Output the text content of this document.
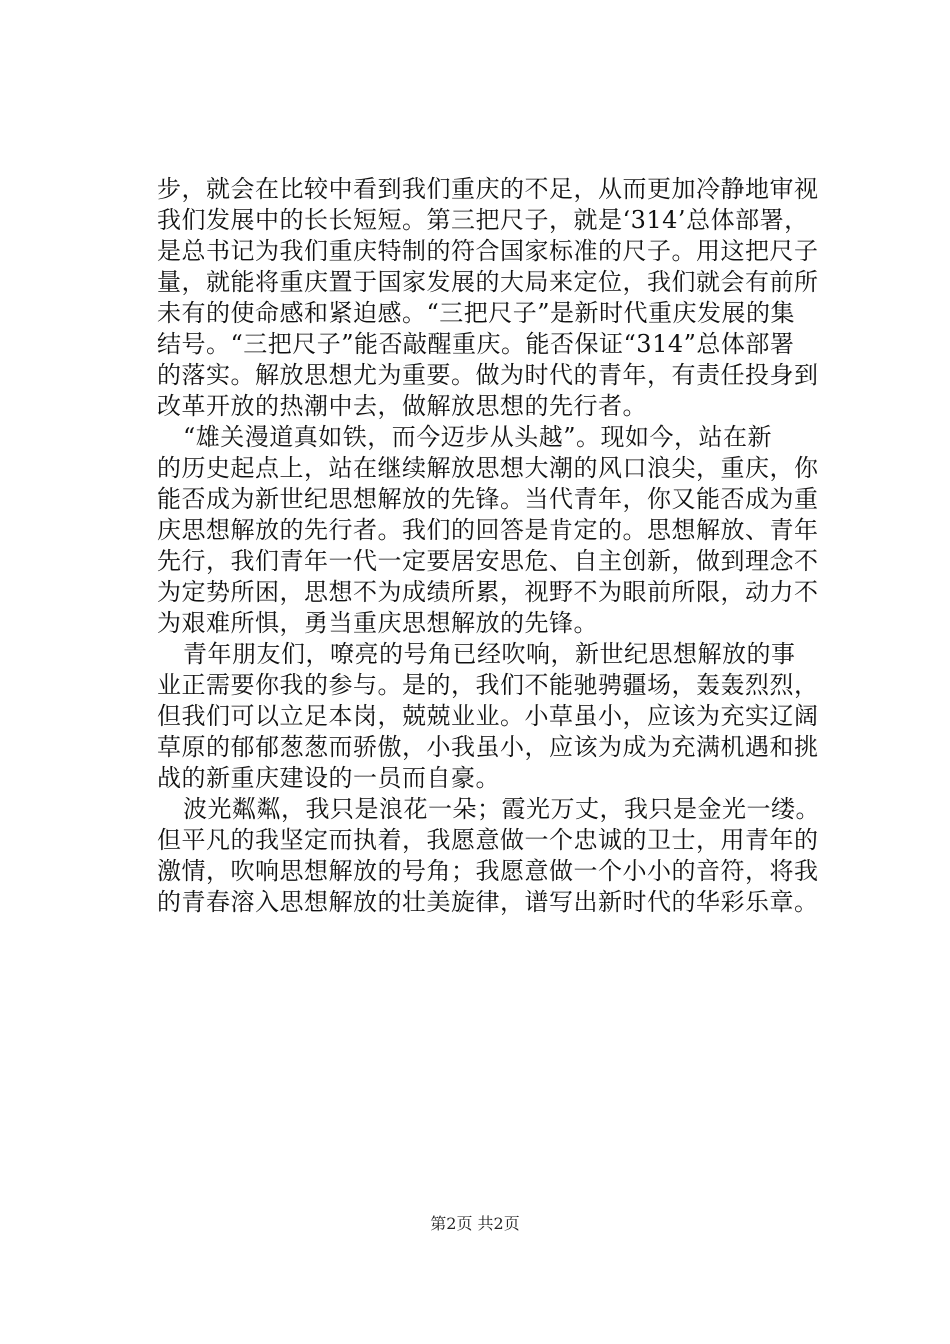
步，就会在比较中看到我们重庆的不足，从而更加冷静地审视
我们发展中的长长短短。第三把尺子，就是‘314’总体部署，
是总书记为我们重庆特制的符合国家标准的尺子。用这把尺子
量，就能将重庆置于国家发展的大局来定位，我们就会有前所
未有的使命感和紧迫感。“三把尺子”是新时代重庆发展的集
结号。“三把尺子”能否敲醒重庆。能否保证“314”总体部署
的落实。解放思想尤为重要。做为时代的青年，有责任投身到
改革开放的热潮中去，做解放思想的先行者。
“雄关漫道真如铁，而今迈步从头越”。现如今，站在新
的历史起点上，站在继续解放思想大潮的风口浪尖，重庆，你
能否成为新世纪思想解放的先锋。当代青年，你又能否成为重
庆思想解放的先行者。我们的回答是肯定的。思想解放、青年
先行，我们青年一代一定要居安思危、自主创新，做到理念不
为定势所困，思想不为成绩所累，视野不为眼前所限，动力不
为艰难所惧，勇当重庆思想解放的先锋。
青年朋友们，嘹亮的号角已经吹响，新世纪思想解放的事
业正需要你我的参与。是的，我们不能驰骋疆场，轰轰烈烈，
但我们可以立足本岗，兢兢业业。小草虽小，应该为充实辽阔
草原的郁郁葱葱而骄傲，小我虽小，应该为成为充满机遇和挑
战的新重庆建设的一员而自豪。
波光粼粼，我只是浪花一朵；霞光万丈，我只是金光一缕。
但平凡的我坚定而执着，我愿意做一个忠诚的卫士，用青年的
激情，吹响思想解放的号角；我愿意做一个小小的音符，将我
的青春溶入思想解放的壮美旋律，谱写出新时代的华彩乐章。
第2页 共2页
